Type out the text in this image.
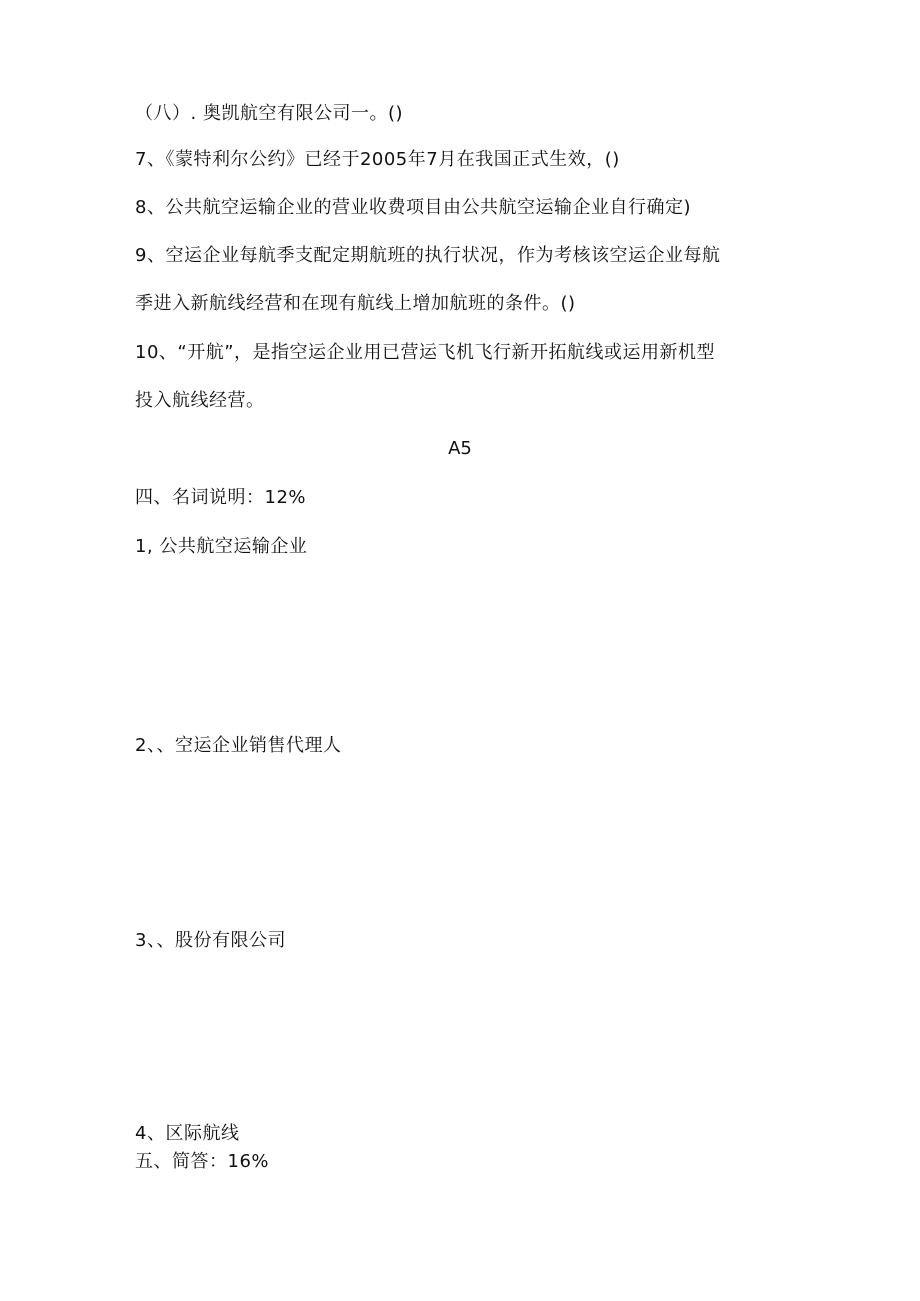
（八）. 奥凯航空有限公司一。()
7、《蒙特利尔公约》已经于2005年7月在我国正式生效，()
8、公共航空运输企业的营业收费项目由公共航空运输企业自行确定)
9、空运企业每航季支配定期航班的执行状况，作为考核该空运企业每航
季进入新航线经营和在现有航线上增加航班的条件。()
10、“开航”，是指空运企业用已营运飞机飞行新开拓航线或运用新机型
投入航线经营。
A5
四、名词说明：12%
1, 公共航空运输企业
2、、空运企业销售代理人
3、、股份有限公司
4、区际航线
五、简答：16%
